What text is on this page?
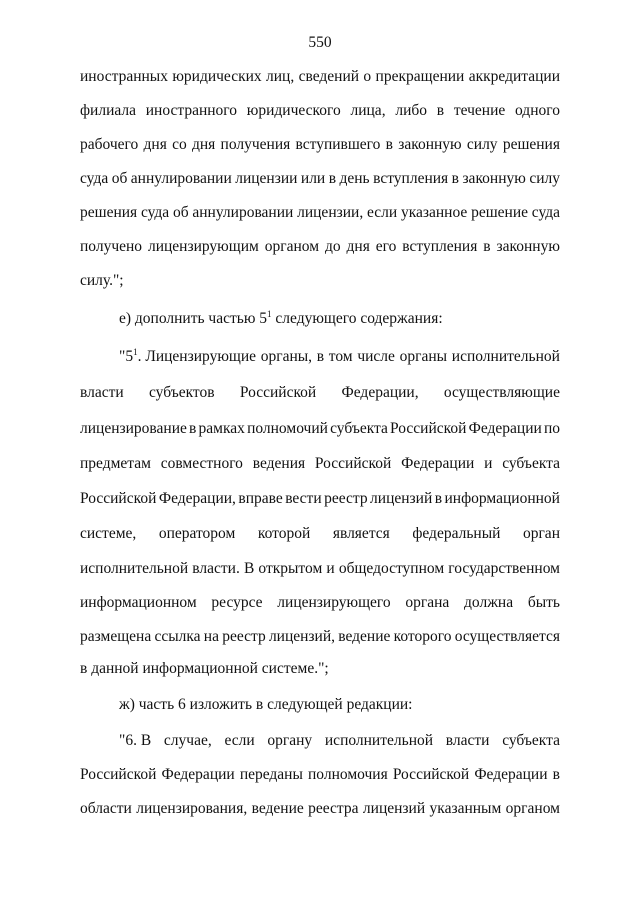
550
иностранных юридических лиц, сведений о прекращении аккредитации
филиала иностранного юридического лица, либо в течение одного
рабочего дня со дня получения вступившего в законную силу решения
суда об аннулировании лицензии или в день вступления в законную силу
решения суда об аннулировании лицензии, если указанное решение суда
получено лицензирующим органом до дня его вступления в законную
силу.";
е) дополнить частью $5^1$ следующего содержания:
"$5^1$. Лицензирующие органы, в том числе органы исполнительной
власти субъектов Российской Федерации, осуществляющие
лицензирование в рамках полномочий субъекта Российской Федерации по
предметам совместного ведения Российской Федерации и субъекта
Российской Федерации, вправе вести реестр лицензий в информационной
системе, оператором которой является федеральный орган
исполнительной власти. В открытом и общедоступном государственном
информационном ресурсе лицензирующего органа должна быть
размещена ссылка на реестр лицензий, ведение которого осуществляется
в данной информационной системе.";
ж) часть 6 изложить в следующей редакции:
"6. В случае, если органу исполнительной власти субъекта
Российской Федерации переданы полномочия Российской Федерации в
области лицензирования, ведение реестра лицензий указанным органом
